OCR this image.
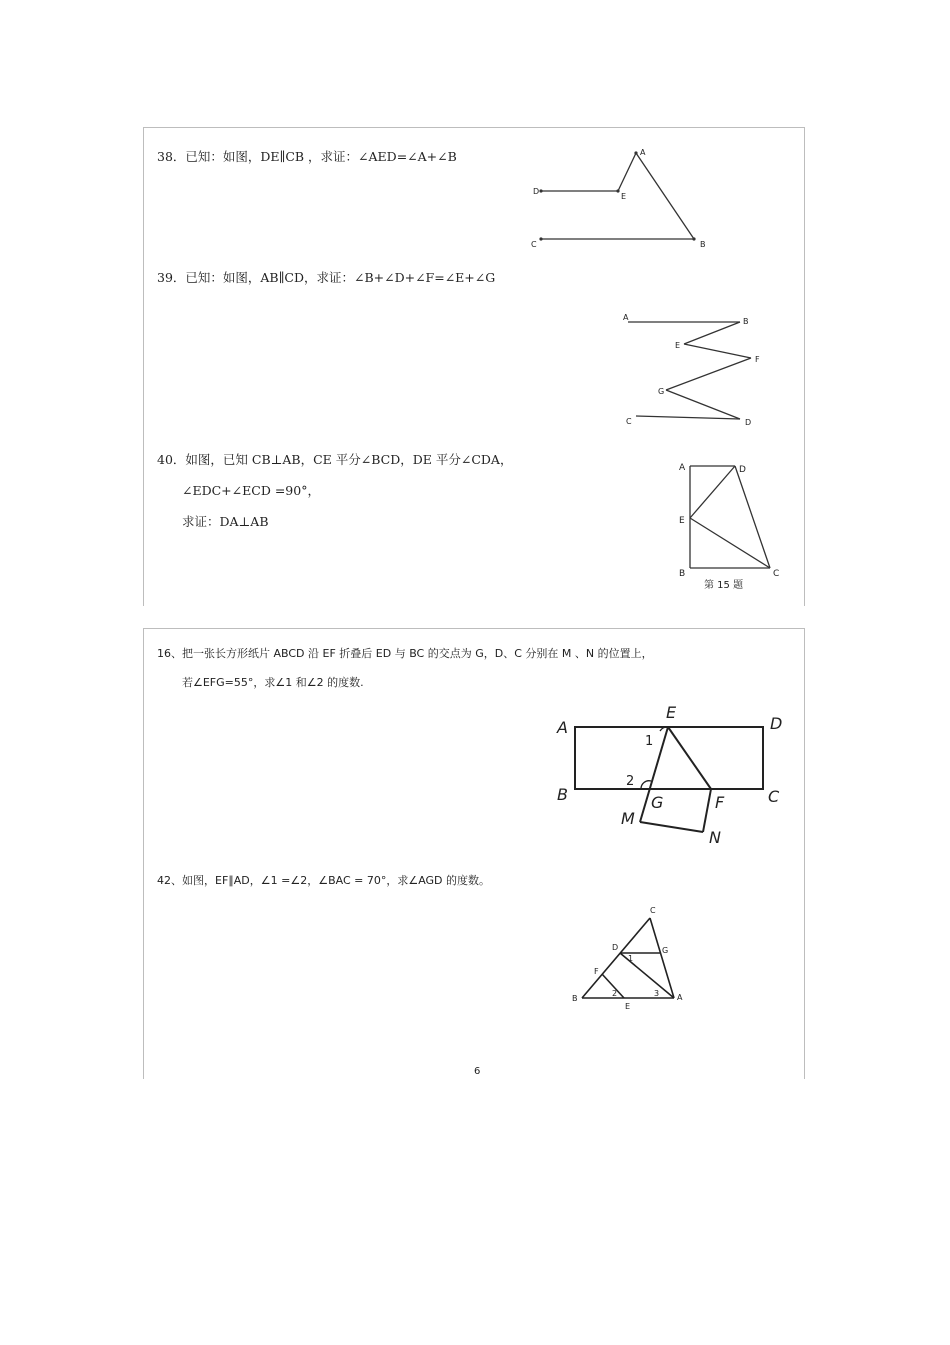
38．已知：如图，DE∥CB ，求证：∠AED=∠A+∠B	A
D
E
C	B
39．已知：如图，AB∥CD，求证：∠B+∠D+∠F=∠E+∠G
A	B
E
F
G
C	D
40．如图，已知 CB⊥AB，CE 平分∠BCD，DE 平分∠CDA，
∠EDC+∠ECD =90°，
求证：DA⊥AB
A	D
E
B	C
第 15 题
16、把一张长方形纸片 ABCD 沿 EF 折叠后 ED 与 BC 的交点为 G，D、C 分别在 M 、N 的位置上，
若∠EFG=55°，求∠1 和∠2 的度数.
A
E
D
B	G	F	C
M
N
1
2
42、如图，EF∥AD，∠1 =∠2，∠BAC = 70°，求∠AGD 的度数。
C
D	G
F
B	A
E
1
2	3
6
